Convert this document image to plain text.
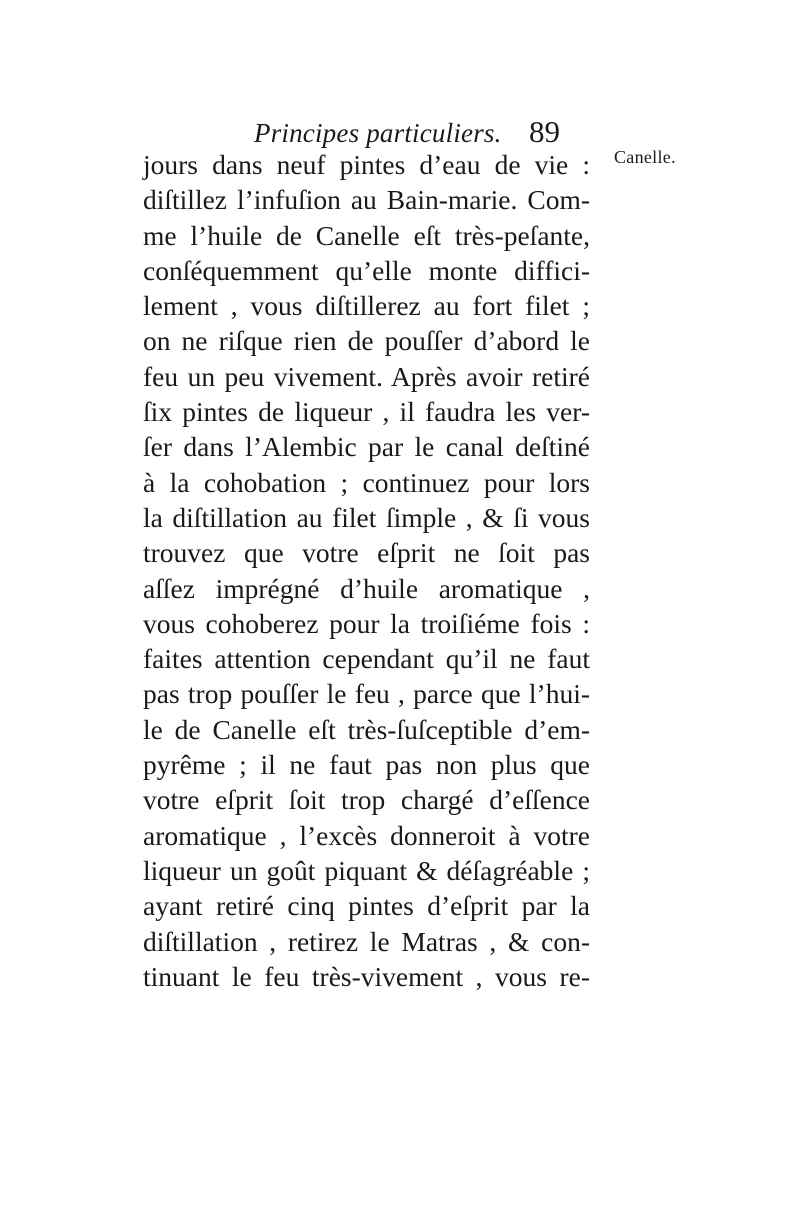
Principes particuliers. 89
Canelle.
jours dans neuf pintes d’eau de vie :
diſtillez l’infuſion au Bain-marie. Com-
me l’huile de Canelle eſt très-peſante,
conſéquemment qu’elle monte diffici-
lement , vous diſtillerez au fort filet ;
on ne riſque rien de pouſſer d’abord le
feu un peu vivement. Après avoir retiré
ſix pintes de liqueur , il faudra les ver-
ſer dans l’Alembic par le canal deſtiné
à la cohobation ; continuez pour lors
la diſtillation au filet ſimple , & ſi vous
trouvez que votre eſprit ne ſoit pas
aſſez imprégné d’huile aromatique ,
vous cohoberez pour la troiſiéme fois :
faites attention cependant qu’il ne faut
pas trop pouſſer le feu , parce que l’hui-
le de Canelle eſt très-ſuſceptible d’em-
pyrême ; il ne faut pas non plus que
votre eſprit ſoit trop chargé d’eſſence
aromatique , l’excès donneroit à votre
liqueur un goût piquant & déſagréable ;
ayant retiré cinq pintes d’eſprit par la
diſtillation , retirez le Matras , & con-
tinuant le feu très-vivement , vous re-
